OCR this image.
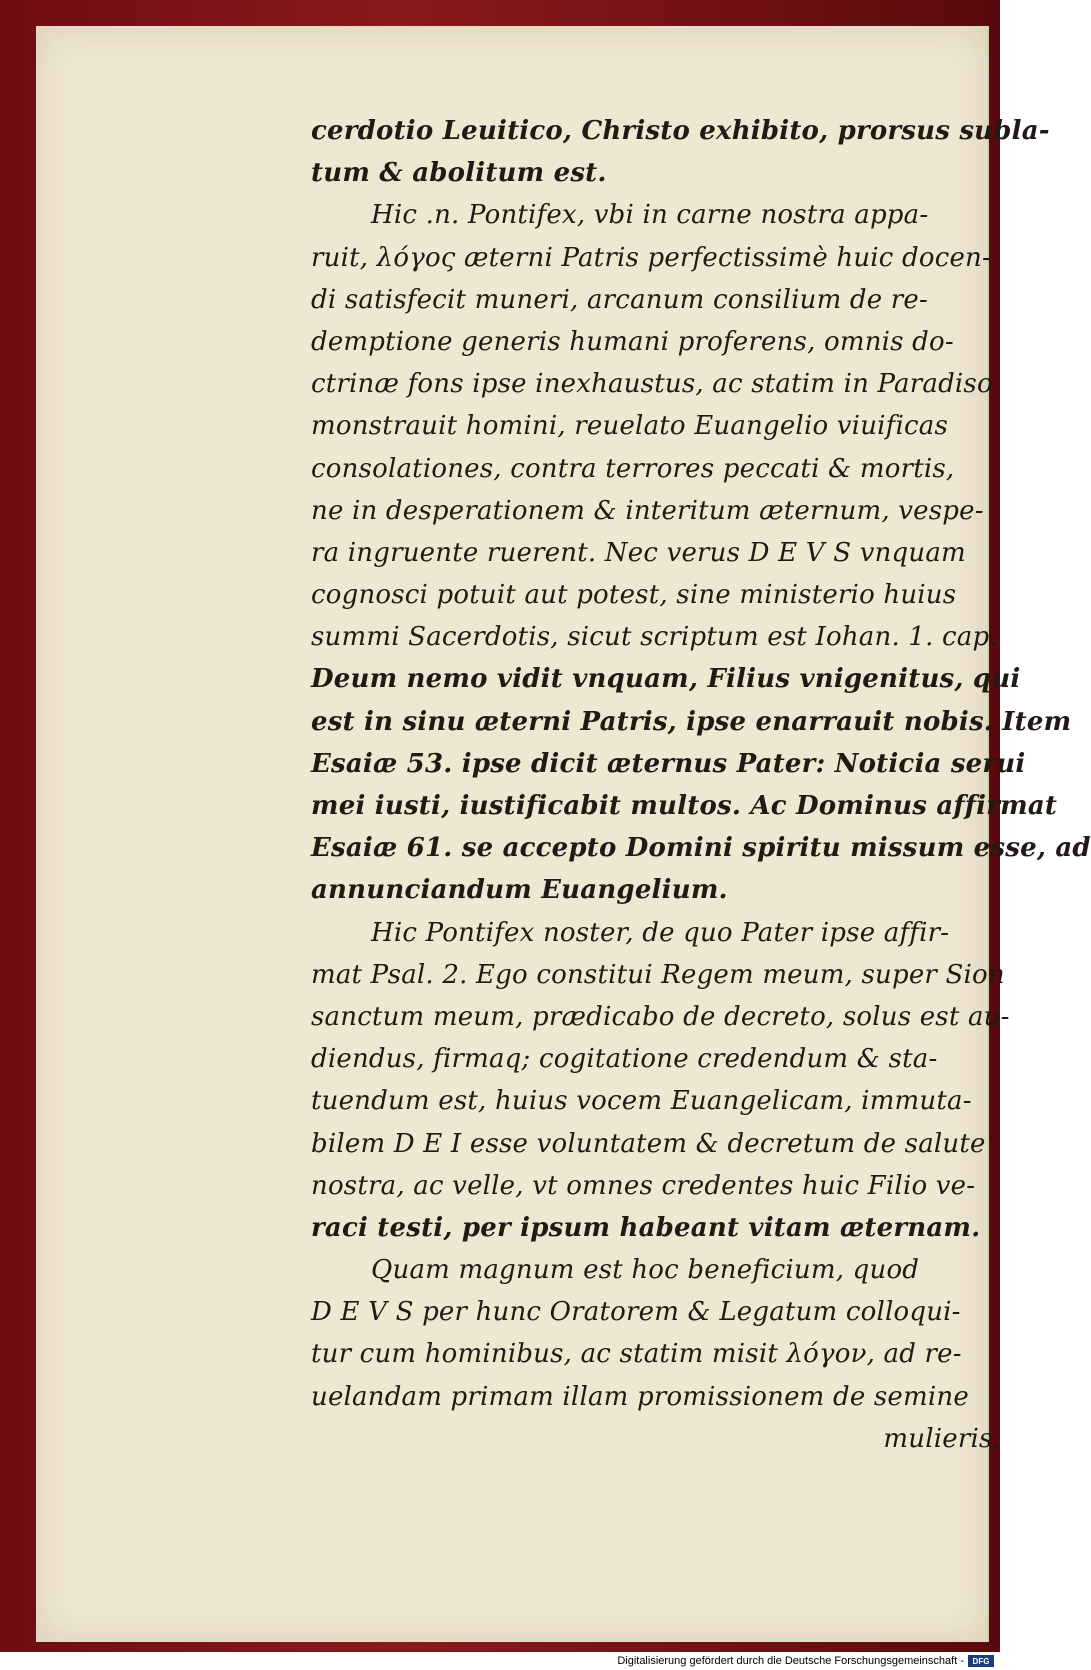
cerdotio Leuitico, Christo exhibito, prorsus subla-
tum & abolitum est.
Hic .n. Pontifex, vbi in carne nostra appa-
ruit, λόγος æterni Patris perfectissimè huic docen-
di satisfecit muneri, arcanum consilium de re-
demptione generis humani proferens, omnis do-
ctrinæ fons ipse inexhaustus, ac statim in Paradiso
monstrauit homini, reuelato Euangelio viuificas
consolationes, contra terrores peccati & mortis,
ne in desperationem & interitum æternum, vespe-
ra ingruente ruerent. Nec verus D E V S vnquam
cognosci potuit aut potest, sine ministerio huius
summi Sacerdotis, sicut scriptum est Iohan. 1. cap.
Deum nemo vidit vnquam, Filius vnigenitus, qui
est in sinu æterni Patris, ipse enarrauit nobis. Item
Esaiæ 53. ipse dicit æternus Pater: Noticia serui
mei iusti, iustificabit multos. Ac Dominus affirmat
Esaiæ 61. se accepto Domini spiritu missum esse, ad
annunciandum Euangelium.
Hic Pontifex noster, de quo Pater ipse affir-
mat Psal. 2. Ego constitui Regem meum, super Sion
sanctum meum, prædicabo de decreto, solus est au-
diendus, firmaq; cogitatione credendum & sta-
tuendum est, huius vocem Euangelicam, immuta-
bilem D E I esse voluntatem & decretum de salute
nostra, ac velle, vt omnes credentes huic Filio ve-
raci testi, per ipsum habeant vitam æternam.
Quam magnum est hoc beneficium, quod
D E V S per hunc Oratorem & Legatum colloqui-
tur cum hominibus, ac statim misit λόγον, ad re-
uelandam primam illam promissionem de semine
mulieris,
Digitalisierung gefördert durch die Deutsche Forschungsgemeinschaft -	DFG
